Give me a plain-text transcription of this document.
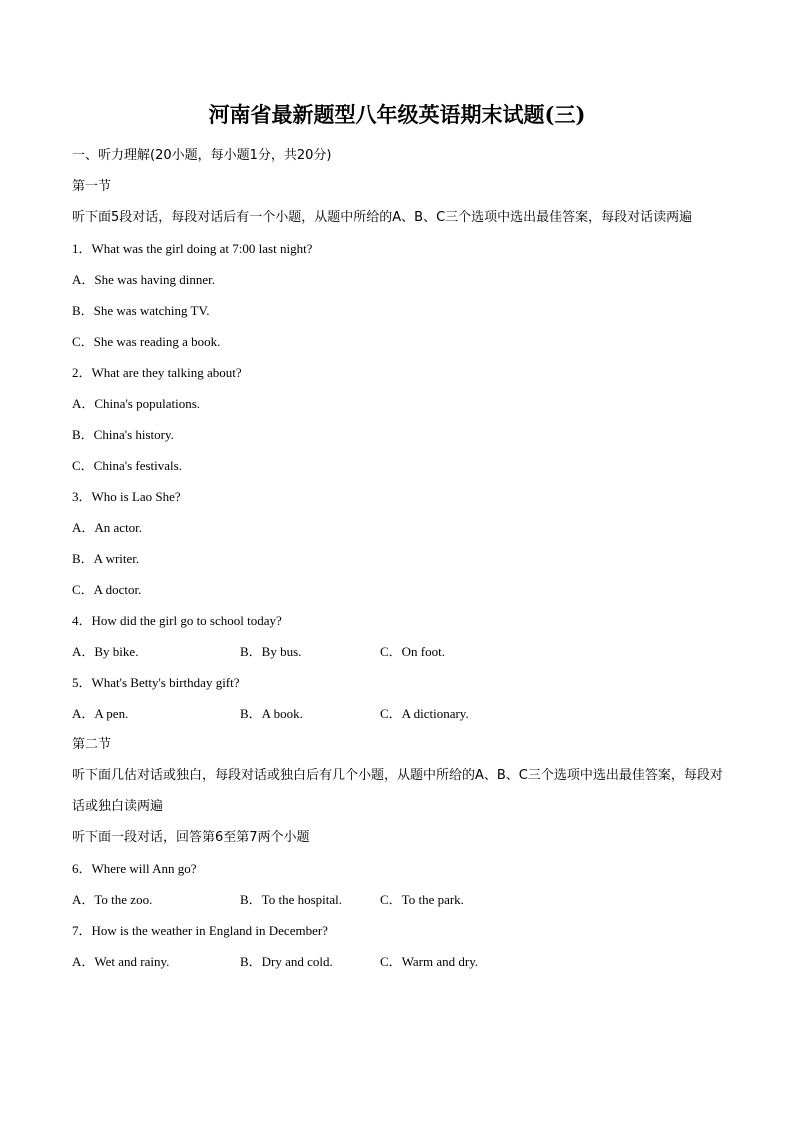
河南省最新题型八年级英语期末试题(三)
一、听力理解(20小题，每小题1分，共20分)
第一节
听下面5段对话，每段对话后有一个小题，从题中所给的A、B、C三个选项中选出最佳答案，每段对话读两遍
1．What was the girl doing at 7:00 last night?
A．She was having dinner.
B．She was watching TV.
C．She was reading a book.
2．What are they talking about?
A．China's populations.
B．China's history.
C．China's festivals.
3．Who is Lao She?
A．An actor.
B．A writer.
C．A doctor.
4．How did the girl go to school today?
A．By bike.	B．By bus.	C．On foot.
5．What's Betty's birthday gift?
A．A pen.	B．A book.	C．A dictionary.
第二节
听下面几估对话或独白，每段对话或独白后有几个小题，从题中所给的A、B、C三个选项中选出最佳答案，每段对话或独白读两遍
听下面一段对话，回答第6至第7两个小题
6．Where will Ann go?
A．To the zoo.	B．To the hospital.	C．To the park.
7．How is the weather in England in December?
A．Wet and rainy.	B．Dry and cold.	C．Warm and dry.
